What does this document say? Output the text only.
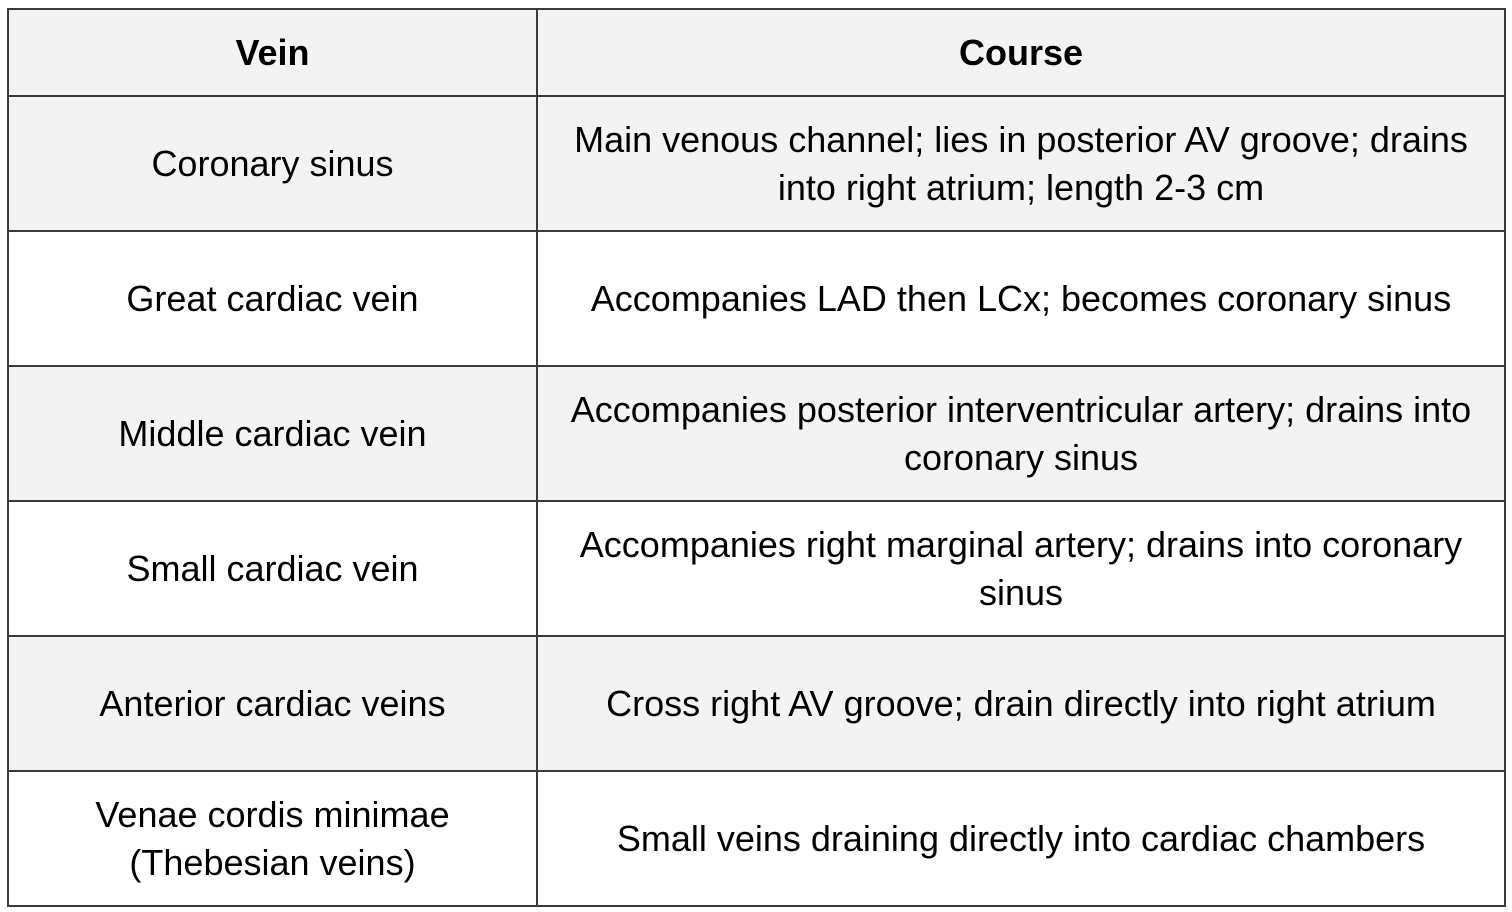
Vein	Course
Coronary sinus	Main venous channel; lies in posterior AV groove; drains into right atrium; length 2-3 cm
Great cardiac vein	Accompanies LAD then LCx; becomes coronary sinus
Middle cardiac vein	Accompanies posterior interventricular artery; drains into coronary sinus
Small cardiac vein	Accompanies right marginal artery; drains into coronary sinus
Anterior cardiac veins	Cross right AV groove; drain directly into right atrium
Venae cordis minimae (Thebesian veins)	Small veins draining directly into cardiac chambers
